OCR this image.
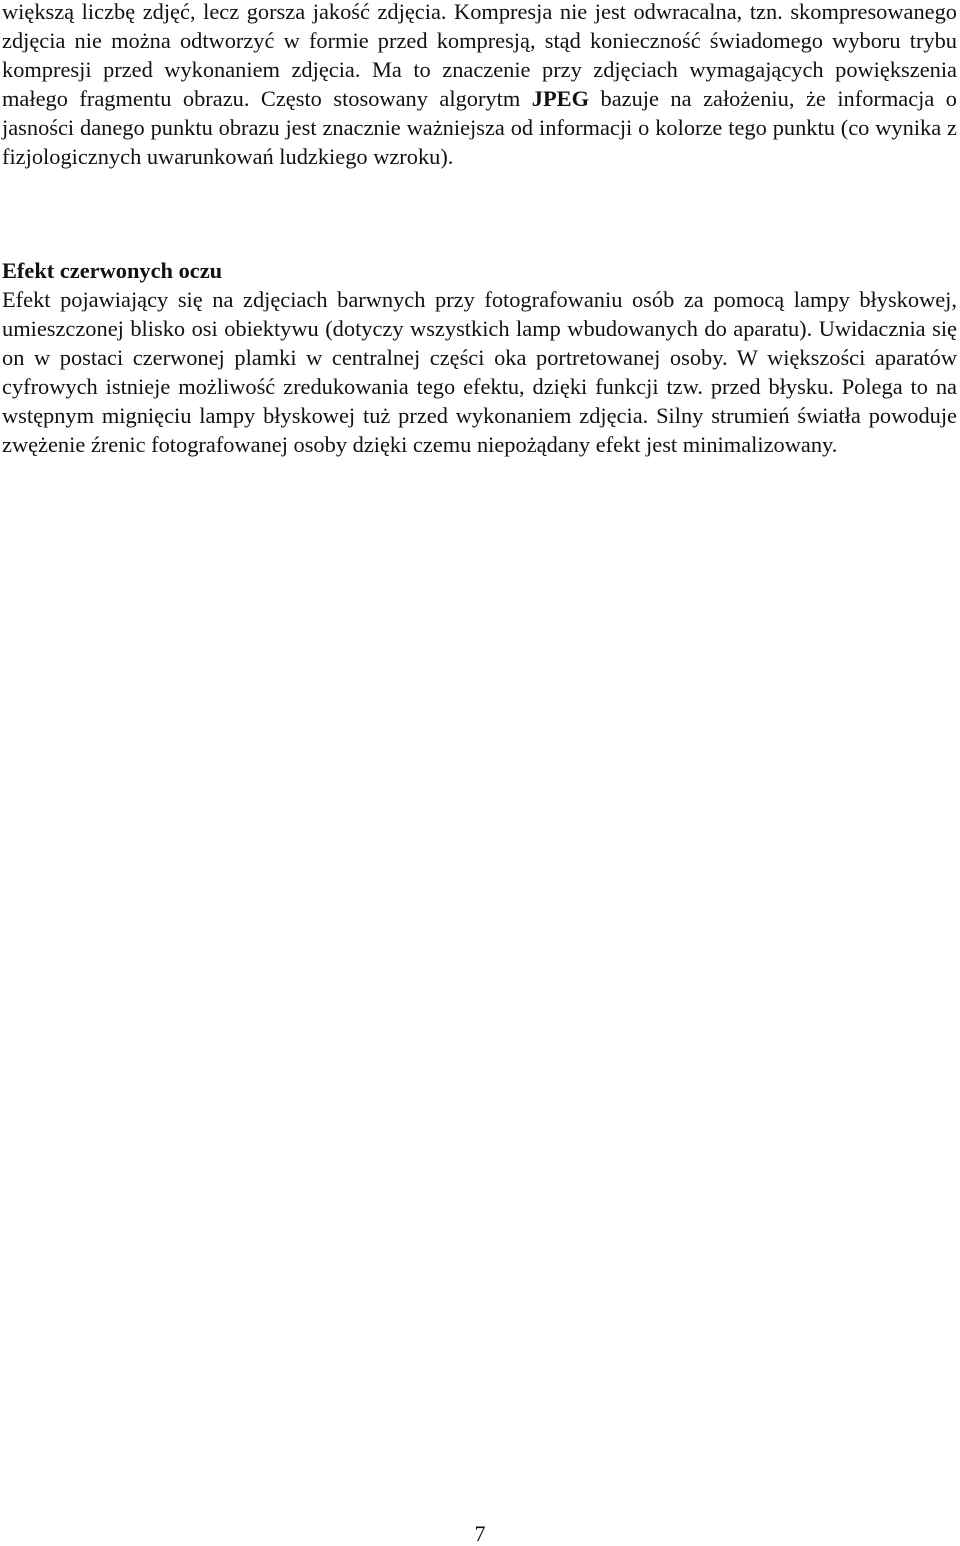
większą liczbę zdjęć, lecz gorsza jakość zdjęcia. Kompresja nie jest odwracalna, tzn. skompresowanego zdjęcia nie można odtworzyć w formie przed kompresją, stąd konieczność świadomego wyboru trybu kompresji przed wykonaniem zdjęcia. Ma to znaczenie przy zdjęciach wymagających powiększenia małego fragmentu obrazu. Często stosowany algorytm JPEG bazuje na założeniu, że informacja o jasności danego punktu obrazu jest znacznie ważniejsza od informacji o kolorze tego punktu (co wynika z fizjologicznych uwarunkowań ludzkiego wzroku).

Efekt czerwonych oczu
Efekt pojawiający się na zdjęciach barwnych przy fotografowaniu osób za pomocą lampy błyskowej, umieszczonej blisko osi obiektywu (dotyczy wszystkich lamp wbudowanych do aparatu). Uwidacznia się on w postaci czerwonej plamki w centralnej części oka portretowanej osoby. W większości aparatów cyfrowych istnieje możliwość zredukowania tego efektu, dzięki funkcji tzw. przed błysku. Polega to na wstępnym mignięciu lampy błyskowej tuż przed wykonaniem zdjęcia. Silny strumień światła powoduje zwężenie źrenic fotografowanej osoby dzięki czemu niepożądany efekt jest minimalizowany.
7
